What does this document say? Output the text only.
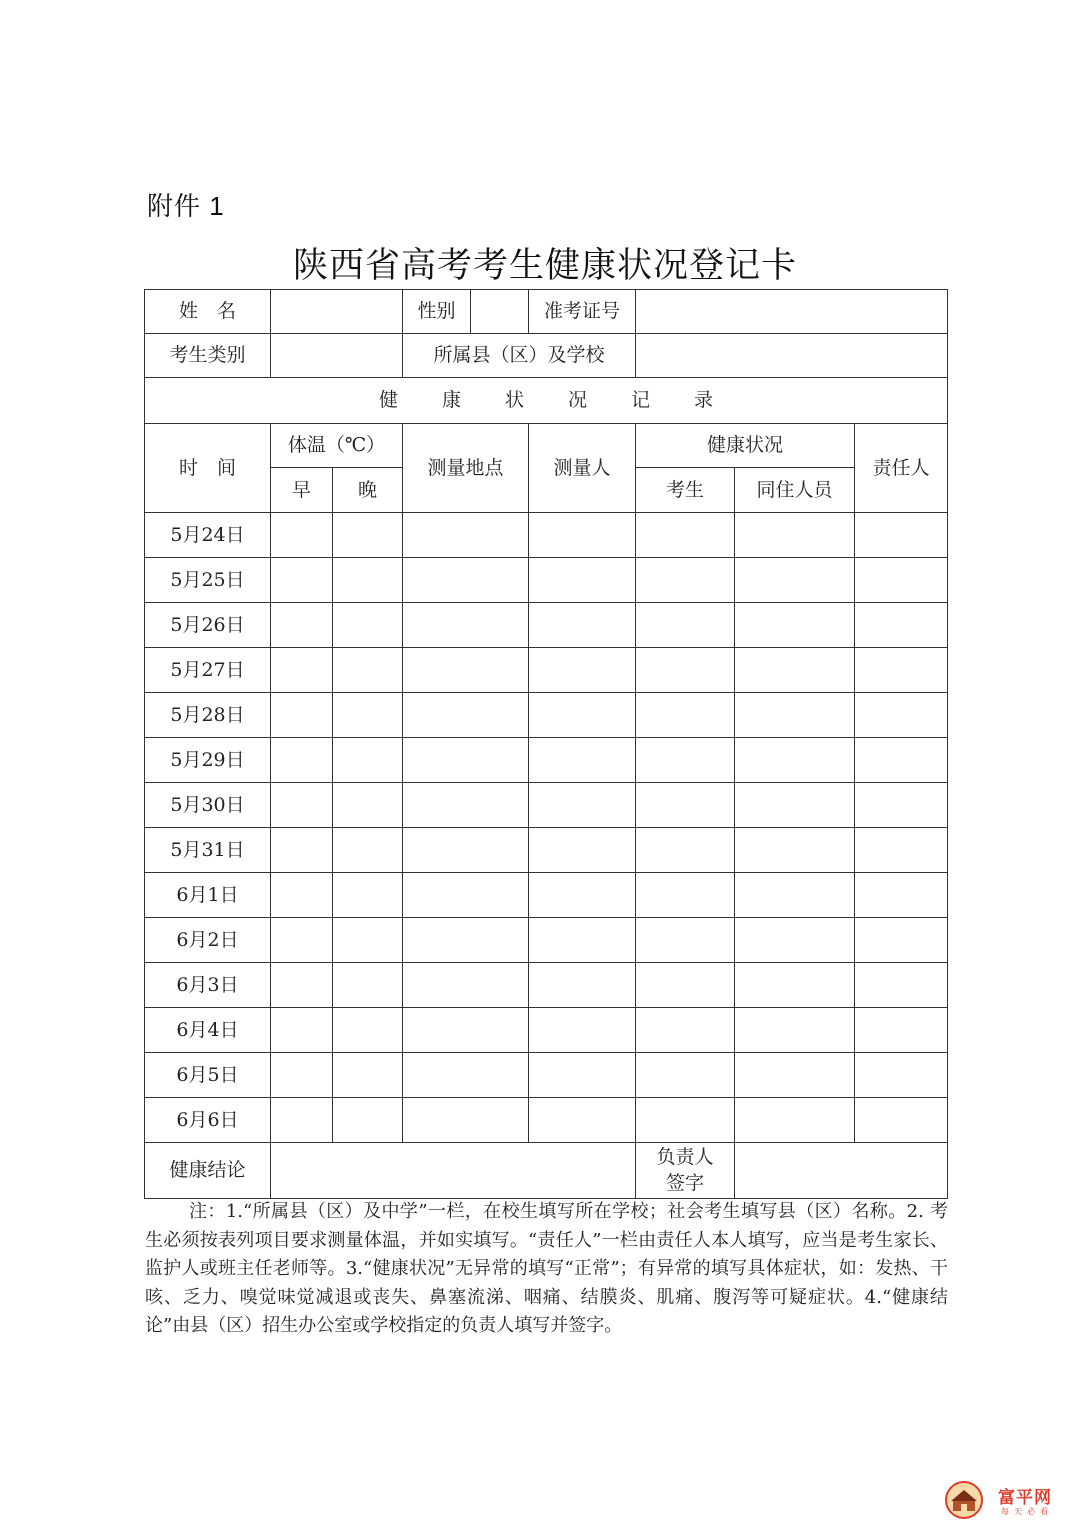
附件 1
陕西省高考考生健康状况登记卡
姓　名			性别	准考证号			
考生类别			所属县（区）及学校				
健康状况记录							
时　间	体温（℃）		测量地点	测量人	健康状况		责任人
	早	晚			考生	同住人员	
5月24日							
5月25日							
5月26日							
5月27日							
5月28日							
5月29日							
5月30日							
5月31日							
6月1日							
6月2日							
6月3日							
6月4日							
6月5日							
6月6日							
健康结论					负责人
签字		

注：1.“所属县（区）及中学”一栏，在校生填写所在学校；社会考生填写县（区）名称。2. 考生必须按表列项目要求测量体温，并如实填写。“责任人”一栏由责任人本人填写，应当是考生家长、监护人或班主任老师等。3.“健康状况”无异常的填写“正常”；有异常的填写具体症状，如：发热、干咳、乏力、嗅觉味觉减退或丧失、鼻塞流涕、咽痛、结膜炎、肌痛、腹泻等可疑症状。4.“健康结论”由县（区）招生办公室或学校指定的负责人填写并签字。
富平网
每天必看
